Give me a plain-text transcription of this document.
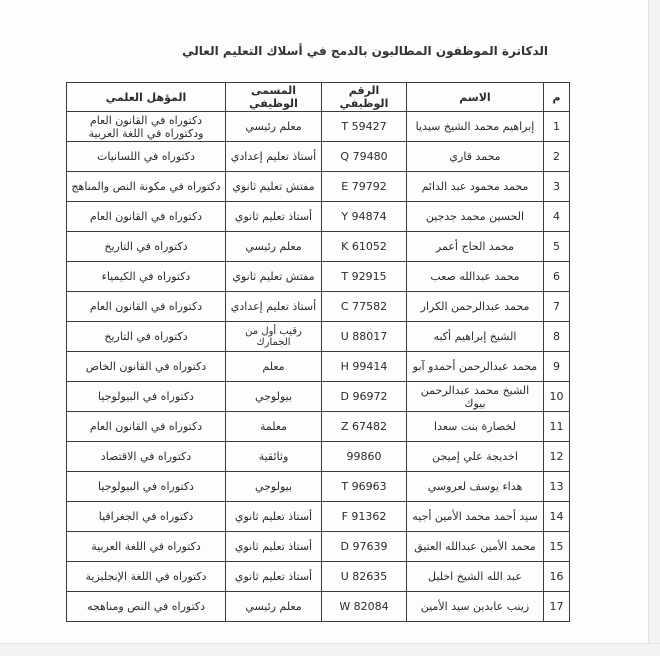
الدكاترة الموظفون المطالبون بالدمج في أسلاك التعليم العالي
م	الاسم	الرقم الوظيفي	المسمى الوظيفي	المؤهل العلمي
1	إبراهيم محمد الشيخ سيديا	T 59427	معلم رئيسي	دكتوراه في القانون العام ودكتوراه في اللغة العربية
2	محمد قاري	Q 79480	أستاذ تعليم إعدادي	دكتوراه في اللسانيات
3	محمد محمود عبد الدائم	E 79792	مفتش تعليم ثانوي	دكتوراه في مكونة النص والمناهج
4	الحسين محمد جدجين	Y 94874	أستاذ تعليم ثانوي	دكتوراه في القانون العام
5	محمد الحاج أعمر	K 61052	معلم رئيسي	دكتوراه في التاريخ
6	محمد عبدالله صعب	T 92915	مفتش تعليم ثانوي	دكتوراه في الكيمياء
7	محمد عبدالرحمن الكرار	C 77582	أستاذ تعليم إعدادي	دكتوراه في القانون العام
8	الشيخ إبراهيم أكبه	U 88017	رقيب أول من الجمارك	دكتوراه في التاريخ
9	محمد عبدالرحمن أحمدو آبو	H 99414	معلم	دكتوراه في القانون الخاص
10	الشيخ محمد عبدالرحمن بيوك	D 96972	بيولوجي	دكتوراه في البيولوجيا
11	لخصارة بنت سعدا	Z 67482	معلمة	دكتوراه في القانون العام
12	اخديجة علي إميجن	99860	وثائقية	دكتوراه في الاقتصاد
13	هداء يوسف لعروسي	T 96963	بيولوجي	دكتوراه في البيولوجيا
14	سيد أحمد محمد الأمين أجيه	F 91362	أستاذ تعليم ثانوي	دكتوراه في الجغرافيا
15	محمد الأمين عبدالله العتيق	D 97639	أستاذ تعليم ثانوي	دكتوراه في اللغة العربية
16	عبد الله الشيخ اخليل	U 82635	أستاذ تعليم ثانوي	دكتوراه في اللغة الإنجليزية
17	زينب عابدين سيد الأمين	W 82084	معلم رئيسي	دكتوراه في النص ومناهجه
